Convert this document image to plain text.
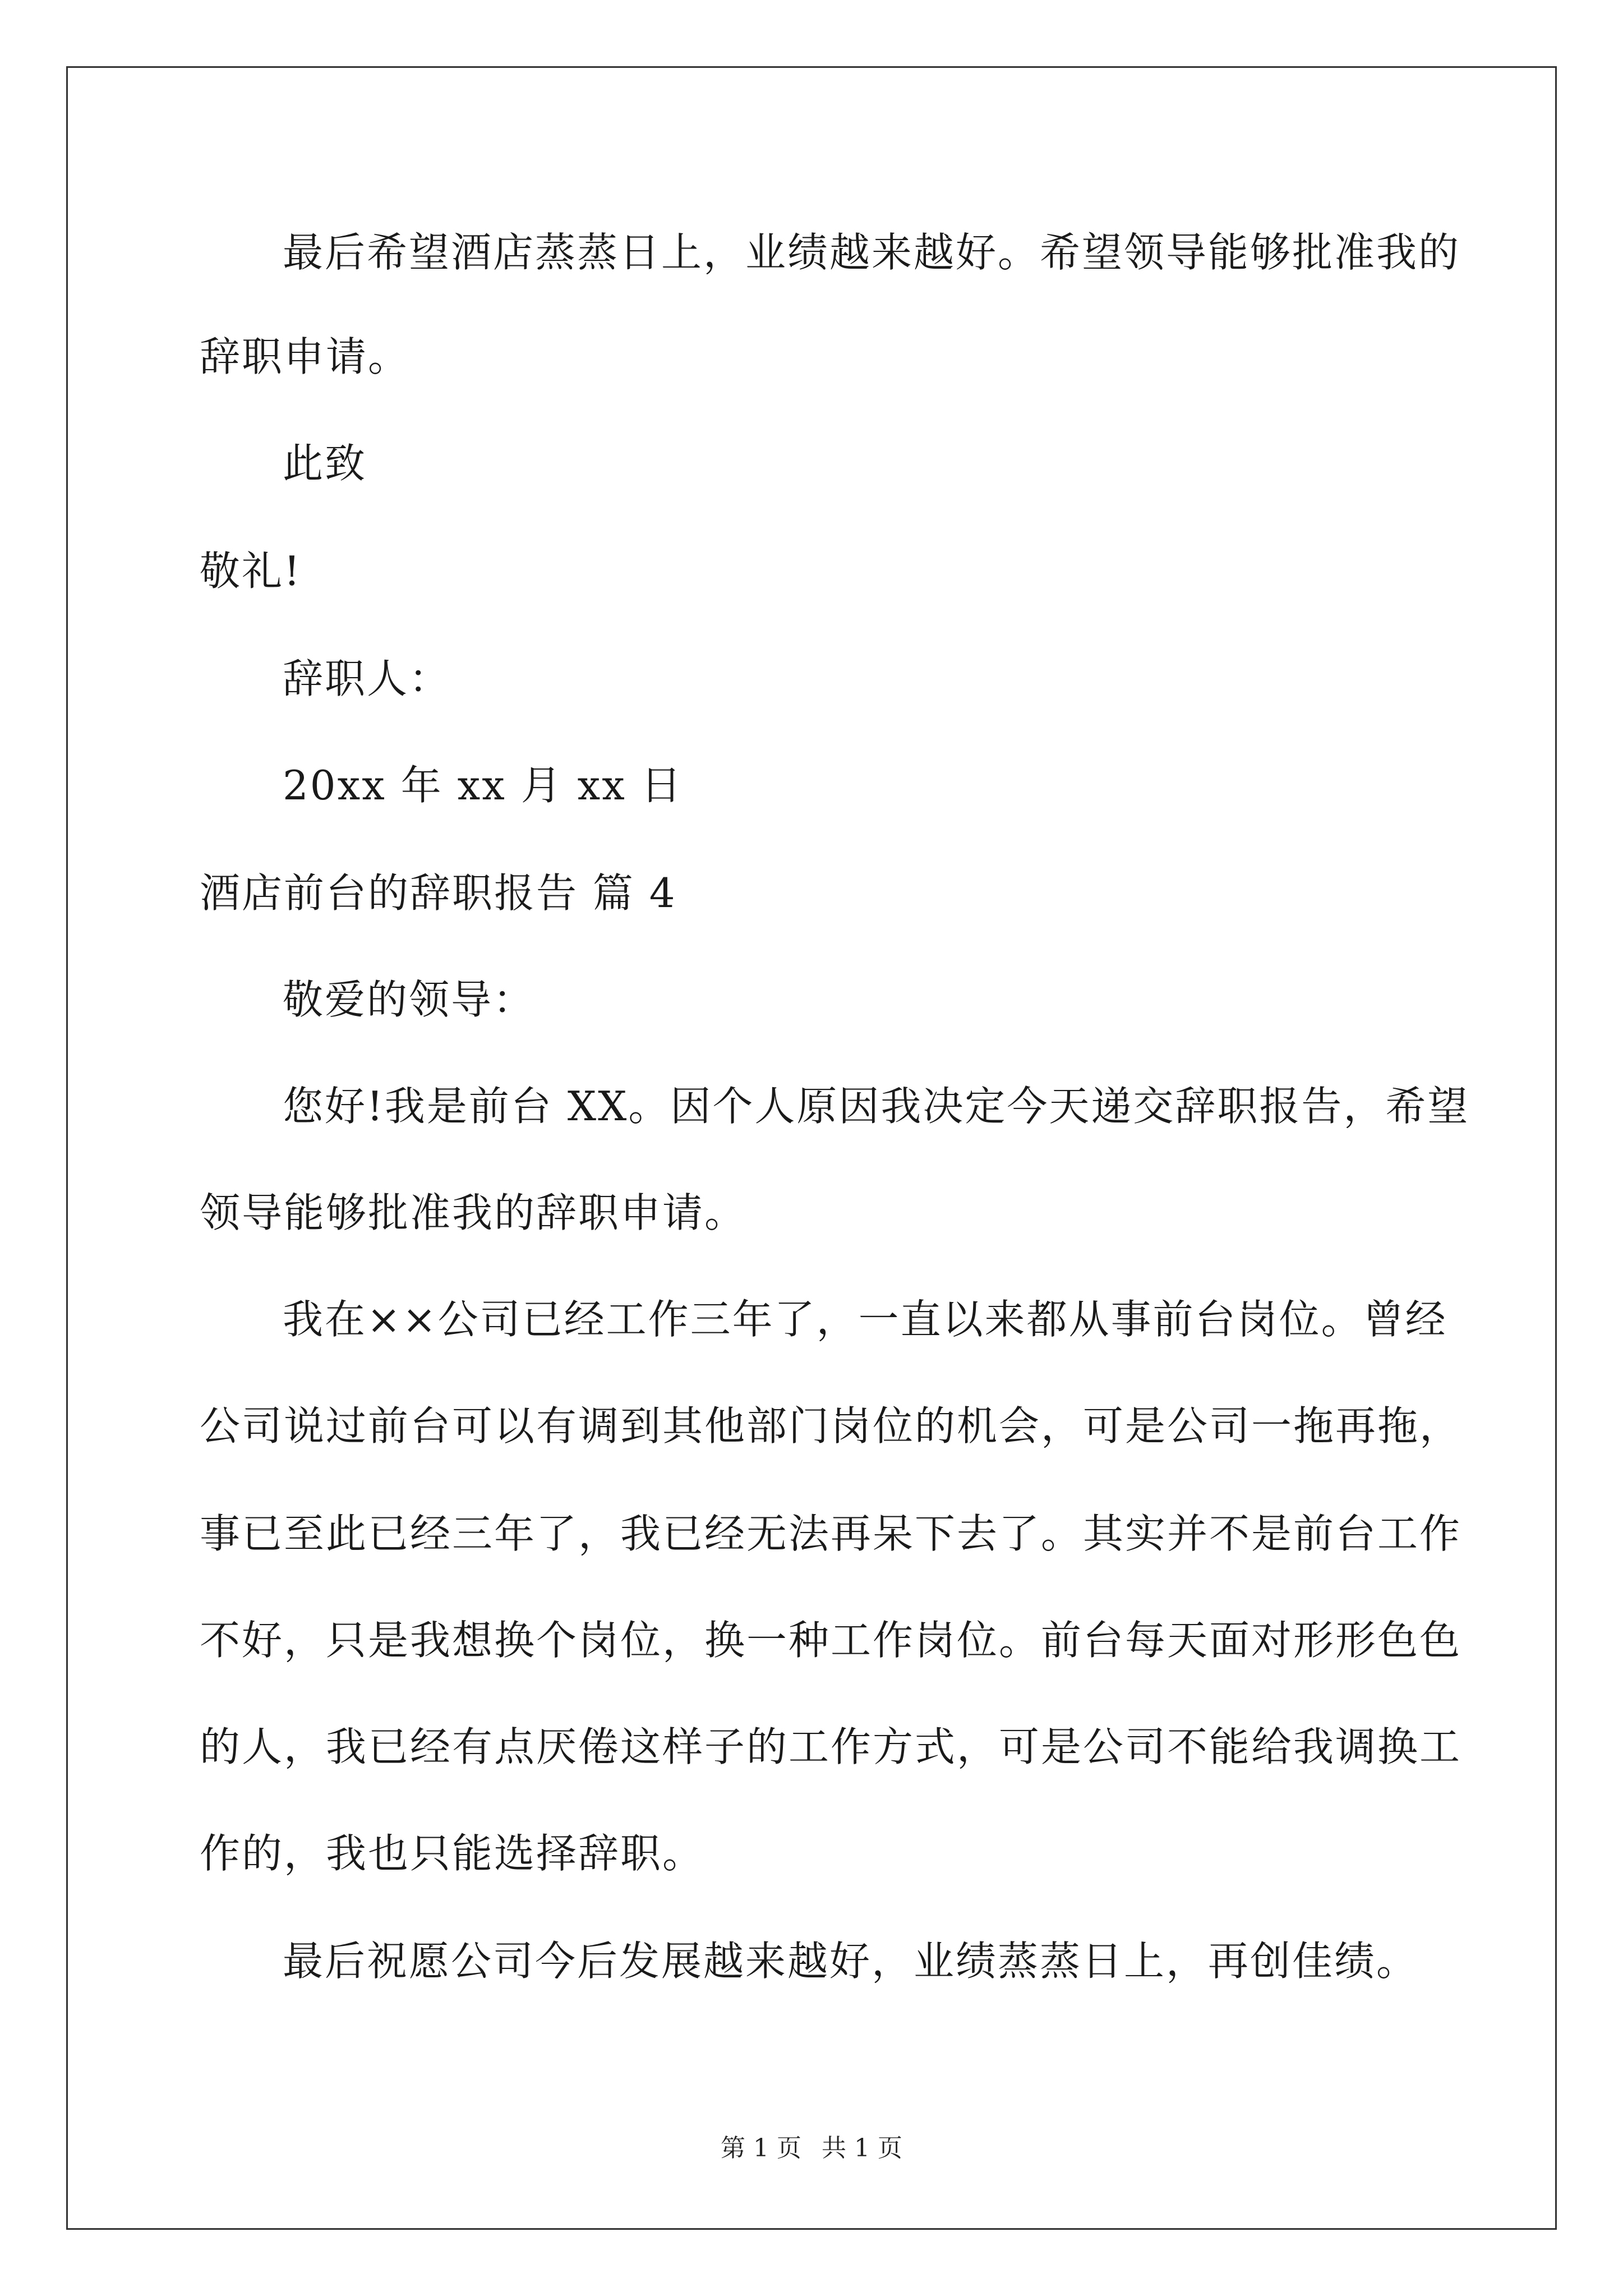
最后希望酒店蒸蒸日上，业绩越来越好。希望领导能够批准我的
辞职申请。
此致
敬礼!
辞职人：
20xx 年 xx 月 xx 日
酒店前台的辞职报告 篇 4
敬爱的领导：
您好!我是前台 XX。因个人原因我决定今天递交辞职报告，希望
领导能够批准我的辞职申请。
我在××公司已经工作三年了，一直以来都从事前台岗位。曾经
公司说过前台可以有调到其他部门岗位的机会，可是公司一拖再拖，
事已至此已经三年了，我已经无法再呆下去了。其实并不是前台工作
不好，只是我想换个岗位，换一种工作岗位。前台每天面对形形色色
的人，我已经有点厌倦这样子的工作方式，可是公司不能给我调换工
作的，我也只能选择辞职。
最后祝愿公司今后发展越来越好，业绩蒸蒸日上，再创佳绩。
第 1 页 共 1 页
